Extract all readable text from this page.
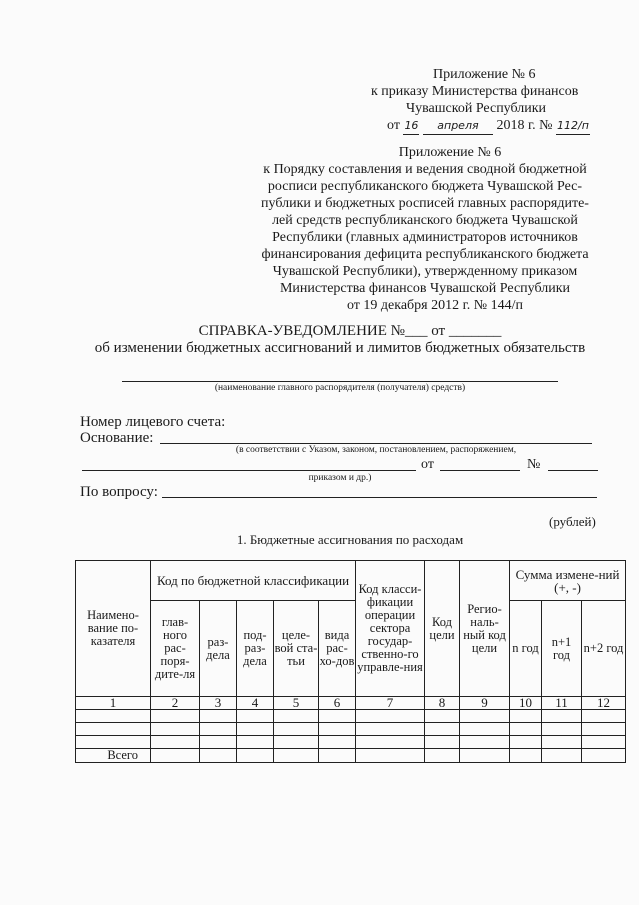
Приложение № 6
к приказу Министерства финансов
Чувашской Республики
от 16 апреля 2018 г. № 112/п
Приложение № 6
к Порядку составления и ведения сводной бюджетной
росписи республиканского бюджета Чувашской Рес-
публики и бюджетных росписей главных распорядите-
лей средств республиканского бюджета Чувашской
Республики (главных администраторов источников
финансирования дефицита республиканского бюджета
Чувашской Республики), утвержденному приказом
Министерства финансов Чувашской Республики
от 19 декабря 2012 г. № 144/п
СПРАВКА-УВЕДОМЛЕНИЕ №___ от _______
об изменении бюджетных ассигнований и лимитов бюджетных обязательств
(наименование главного распорядителя (получателя) средств)
Номер лицевого счета:
Основание:
(в соответствии с Указом, законом, постановлением, распоряжением,
от	№
приказом и др.)
По вопросу:
(рублей)
1. Бюджетные ассигнования по расходам
Наимено-вание по-казателя	Код по бюджетной классификации					Код класси-фикации операции сектора государ-ственно-го управле-ния	Код цели	Регио-наль-ный код цели	Сумма измене-ний (+, -)		
	глав-ного рас-поря-дите-ля	раз-дела	под-раз-дела	целе-вой ста-тьи	вида рас-хо-дов				n год	n+1 год	n+2 год
1	2	3	4	5	6	7	8	9	10	11	12

Всего											
